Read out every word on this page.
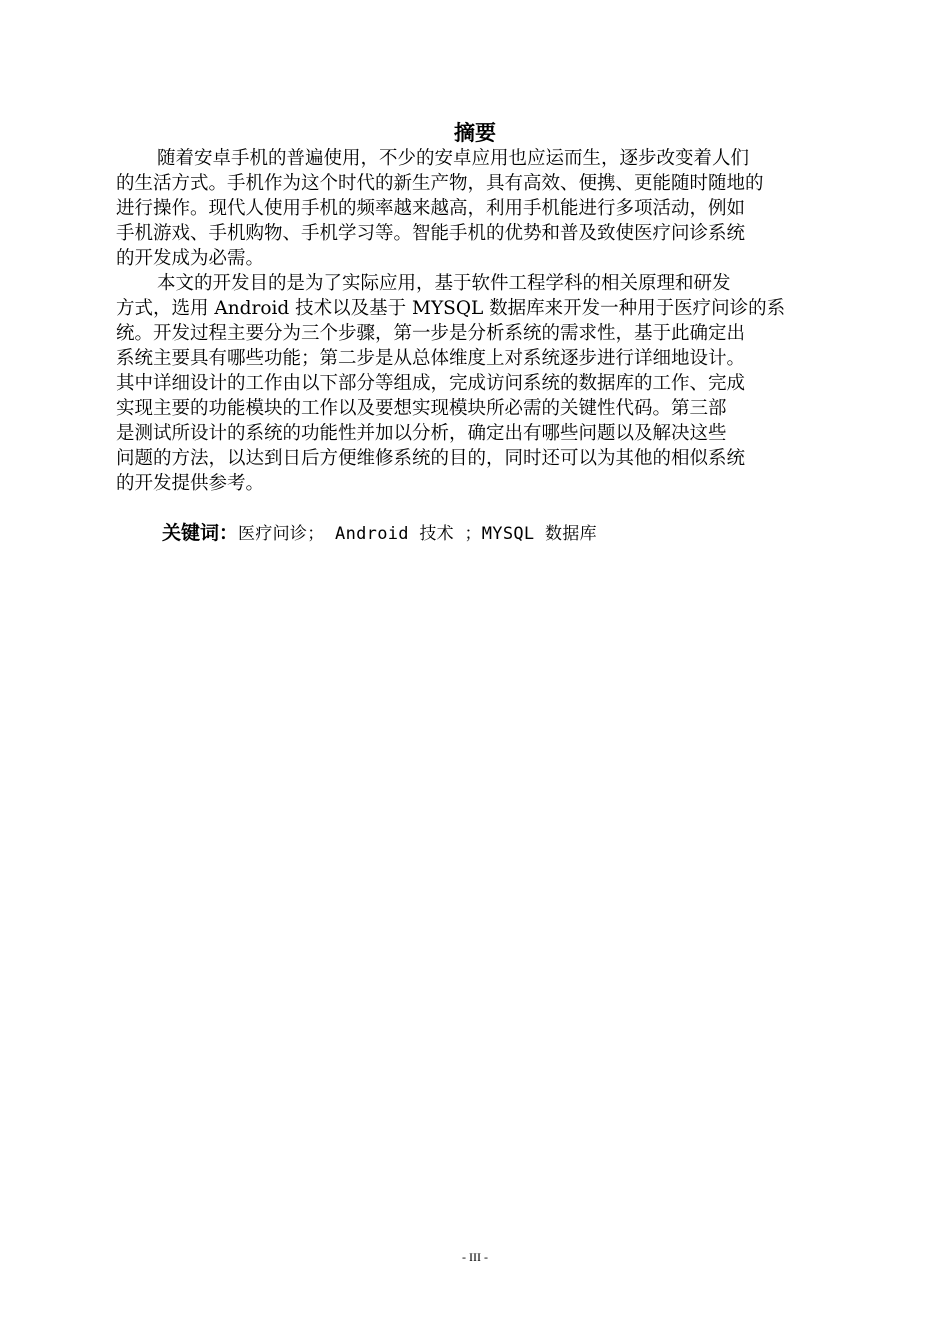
摘要
随着安卓手机的普遍使用，不少的安卓应用也应运而生，逐步改变着人们
的生活方式。手机作为这个时代的新生产物，具有高效、便携、更能随时随地的
进行操作。现代人使用手机的频率越来越高，利用手机能进行多项活动，例如
手机游戏、手机购物、手机学习等。智能手机的优势和普及致使医疗问诊系统
的开发成为必需。
本文的开发目的是为了实际应用，基于软件工程学科的相关原理和研发
方式，选用 Android 技术以及基于 MYSQL 数据库来开发一种用于医疗问诊的系
统。开发过程主要分为三个步骤，第一步是分析系统的需求性，基于此确定出
系统主要具有哪些功能；第二步是从总体维度上对系统逐步进行详细地设计。
其中详细设计的工作由以下部分等组成，完成访问系统的数据库的工作、完成
实现主要的功能模块的工作以及要想实现模块所必需的关键性代码。第三部
是测试所设计的系统的功能性并加以分析，确定出有哪些问题以及解决这些
问题的方法，以达到日后方便维修系统的目的，同时还可以为其他的相似系统
的开发提供参考。
关键词：医疗问诊； Android 技术 ；MYSQL 数据库
- III -
